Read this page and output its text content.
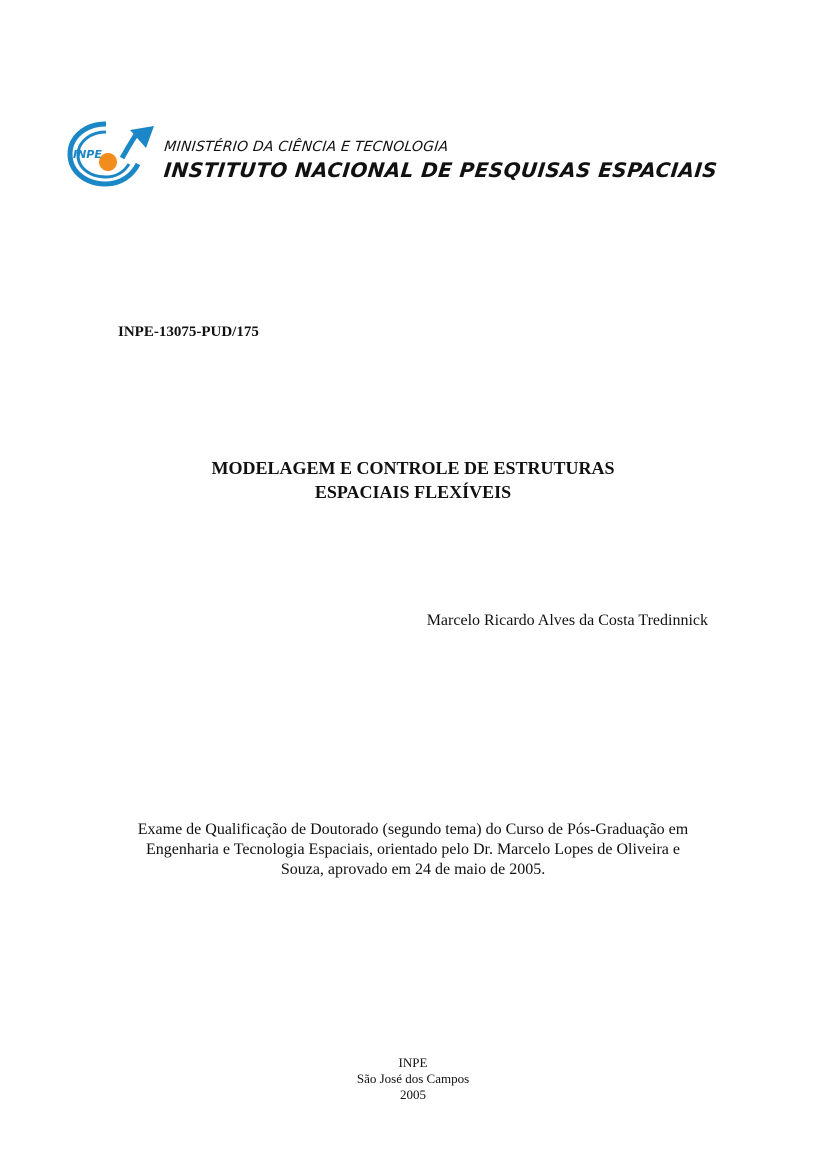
INPE	MINISTÉRIO DA CIÊNCIA E TECNOLOGIA
INSTITUTO NACIONAL DE PESQUISAS ESPACIAIS
INPE-13075-PUD/175
MODELAGEM E CONTROLE DE ESTRUTURAS
ESPACIAIS FLEXÍVEIS
Marcelo Ricardo Alves da Costa Tredinnick
Exame de Qualificação de Doutorado (segundo tema) do Curso de Pós-Graduação em
Engenharia e Tecnologia Espaciais, orientado pelo Dr. Marcelo Lopes de Oliveira e
Souza, aprovado em 24 de maio de 2005.
INPE
São José dos Campos
2005
